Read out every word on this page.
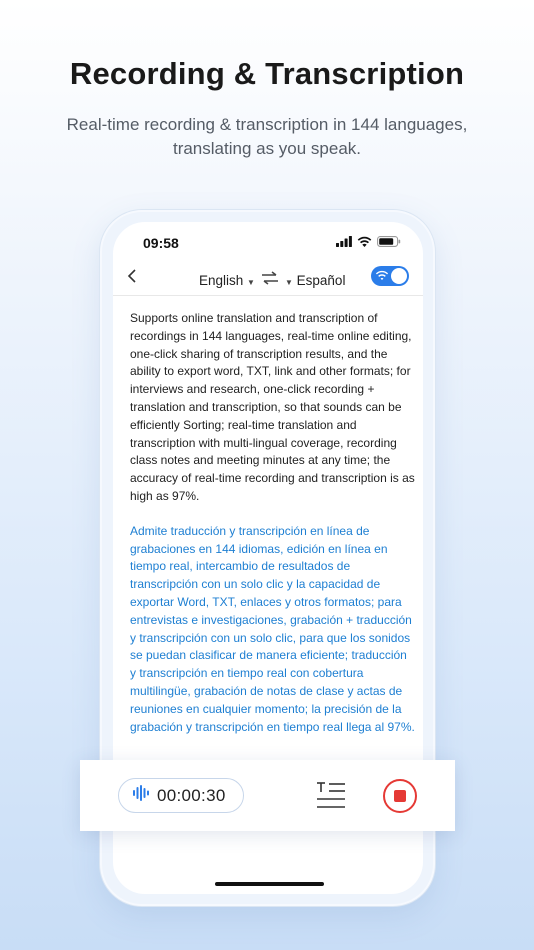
Recording & Transcription
Real-time recording & transcription in 144 languages,
translating as you speak.
09:58
English ▼	▼ Español

Supports online translation and transcription of recordings in 144 languages, real-time online editing, one-click sharing of transcription results, and the ability to export word, TXT, link and other formats; for interviews and research, one-click recording + translation and transcription, so that sounds can be efficiently Sorting; real-time translation and transcription with multi-lingual coverage, recording class notes and meeting minutes at any time; the accuracy of real-time recording and transcription is as high as 97%.

Admite traducción y transcripción en línea de grabaciones en 144 idiomas, edición en línea en tiempo real, intercambio de resultados de transcripción con un solo clic y la capacidad de exportar Word, TXT, enlaces y otros formatos; para entrevistas e investigaciones, grabación + traducción y transcripción con un solo clic, para que los sonidos se puedan clasificar de manera eficiente; traducción y transcripción en tiempo real con cobertura multilingüe, grabación de notas de clase y actas de reuniones en cualquier momento; la precisión de la grabación y transcripción en tiempo real llega al 97%.

00:00:30
